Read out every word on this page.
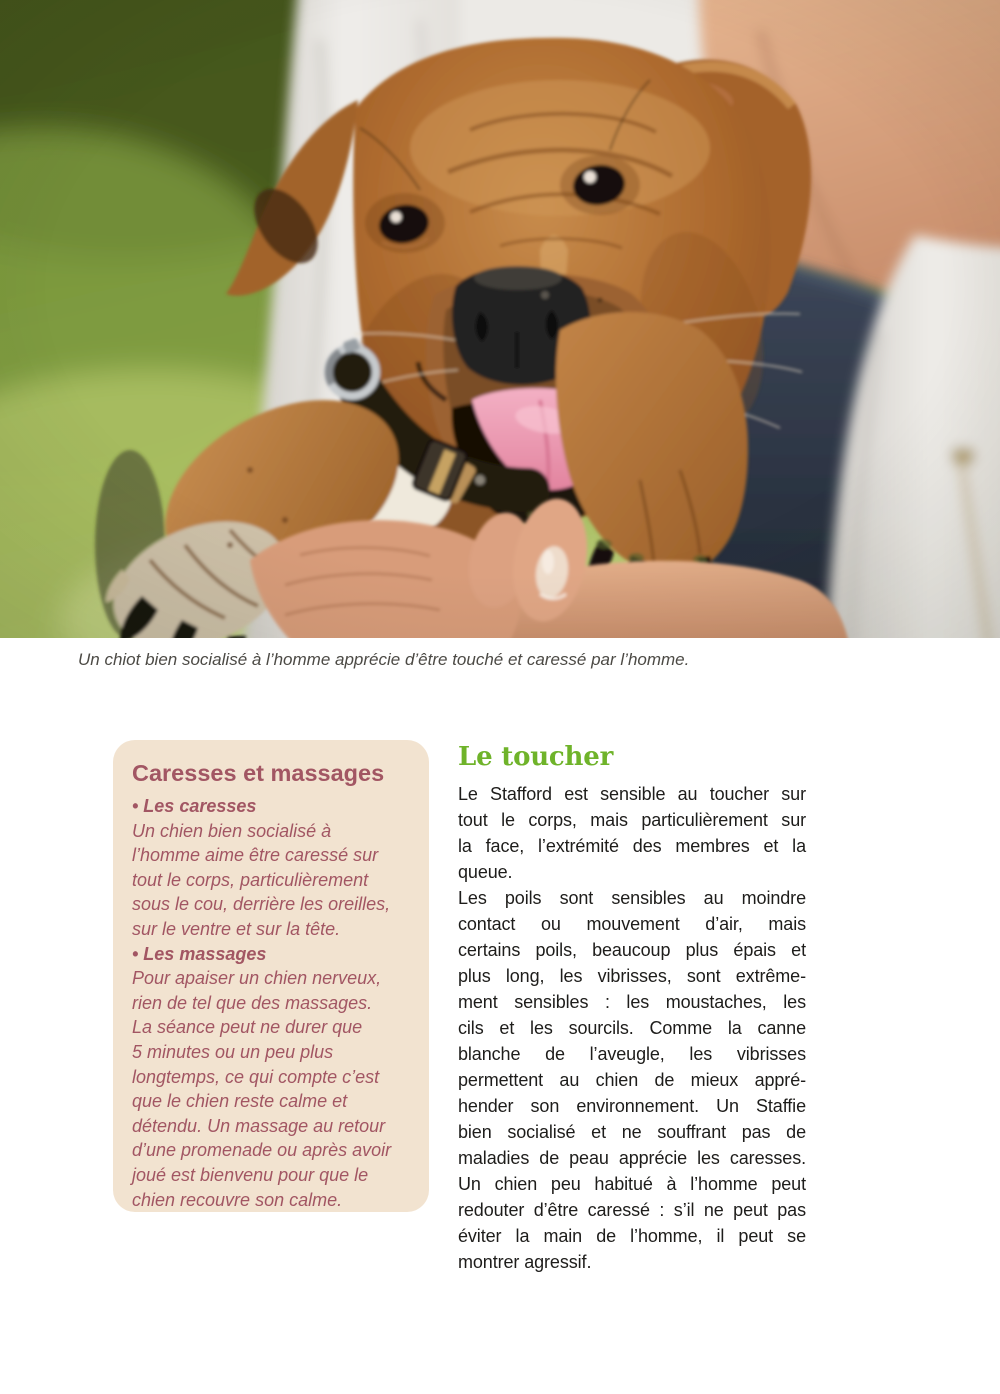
Un chiot bien socialisé à l’homme apprécie d’être touché et caressé par l’homme.
Caresses et massages
• Les caresses
Un chien bien socialisé à
l’homme aime être caressé sur
tout le corps, particulièrement
sous le cou, derrière les oreilles,
sur le ventre et sur la tête.
• Les massages
Pour apaiser un chien nerveux,
rien de tel que des massages.
La séance peut ne durer que
5 minutes ou un peu plus
longtemps, ce qui compte c’est
que le chien reste calme et
détendu. Un massage au retour
d’une promenade ou après avoir
joué est bienvenu pour que le
chien recouvre son calme.
Le toucher
Le Stafford est sensible au toucher sur
tout le corps, mais particulièrement sur
la face, l’extrémité des membres et la
queue.
Les poils sont sensibles au moindre
contact ou mouvement d’air, mais
certains poils, beaucoup plus épais et
plus long, les vibrisses, sont extrême-
ment sensibles : les moustaches, les
cils et les sourcils. Comme la canne
blanche de l’aveugle, les vibrisses
permettent au chien de mieux appré-
hender son environnement. Un Staffie
bien socialisé et ne souffrant pas de
maladies de peau apprécie les caresses.
Un chien peu habitué à l’homme peut
redouter d’être caressé : s’il ne peut pas
éviter la main de l’homme, il peut se
montrer agressif.
